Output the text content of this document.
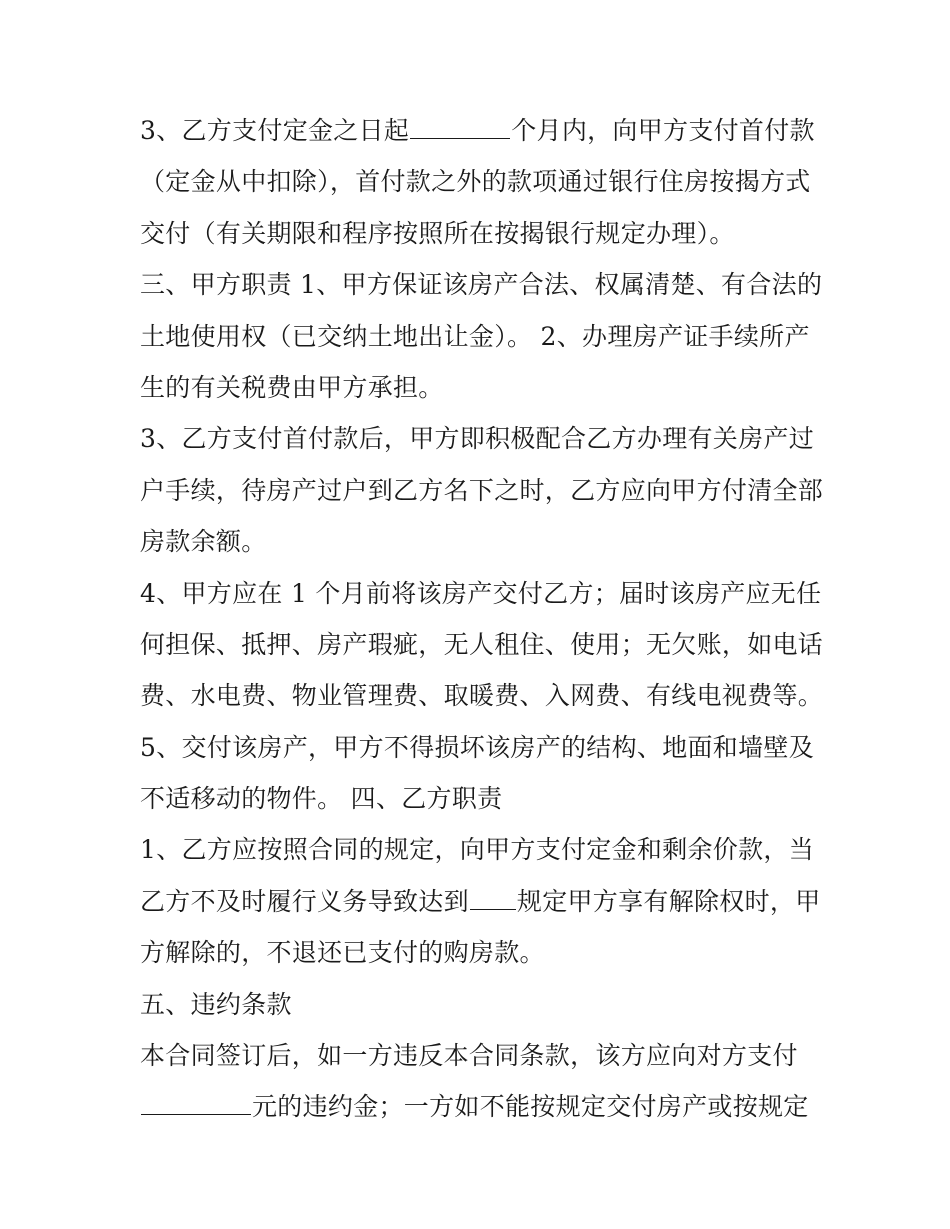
3、乙方支付定金之日起	个月内，向甲方支付首付款
（定金从中扣除），首付款之外的款项通过银行住房按揭方式
交付（有关期限和程序按照所在按揭银行规定办理）。
三、甲方职责 1、甲方保证该房产合法、权属清楚、有合法的
土地使用权（已交纳土地出让金）。 2、办理房产证手续所产
生的有关税费由甲方承担。
3、乙方支付首付款后，甲方即积极配合乙方办理有关房产过
户手续，待房产过户到乙方名下之时，乙方应向甲方付清全部
房款余额。
4、甲方应在 1 个月前将该房产交付乙方；届时该房产应无任
何担保、抵押、房产瑕疵，无人租住、使用；无欠账，如电话
费、水电费、物业管理费、取暖费、入网费、有线电视费等。
5、交付该房产，甲方不得损坏该房产的结构、地面和墙壁及
不适移动的物件。 四、乙方职责
1、乙方应按照合同的规定，向甲方支付定金和剩余价款，当
乙方不及时履行义务导致达到 规定甲方享有解除权时，甲
方解除的，不退还已支付的购房款。
五、违约条款
本合同签订后，如一方违反本合同条款，该方应向对方支付
元的违约金；一方如不能按规定交付房产或按规定
